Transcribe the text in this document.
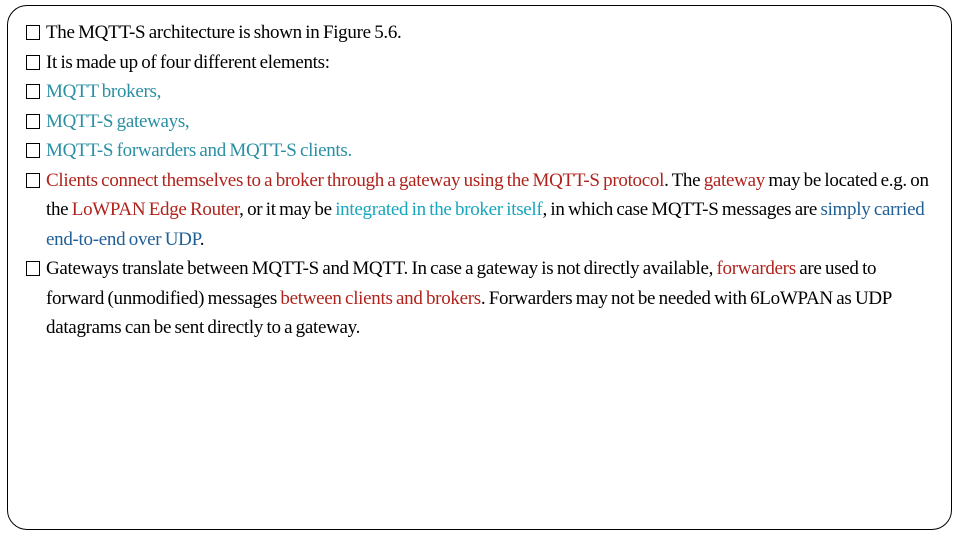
The MQTT-S architecture is shown in Figure 5.6.
It is made up of four different elements:
MQTT brokers,
MQTT-S gateways,
MQTT-S forwarders and MQTT-S clients.
Clients connect themselves to a broker through a gateway using the MQTT-S protocol. The gateway may be located e.g. on the LoWPAN Edge Router, or it may be integrated in the broker itself, in which case MQTT-S messages are simply carried end-to-end over UDP.
Gateways translate between MQTT-S and MQTT. In case a gateway is not directly available, forwarders are used to forward (unmodified) messages between clients and brokers. Forwarders may not be needed with 6LoWPAN as UDP datagrams can be sent directly to a gateway.
